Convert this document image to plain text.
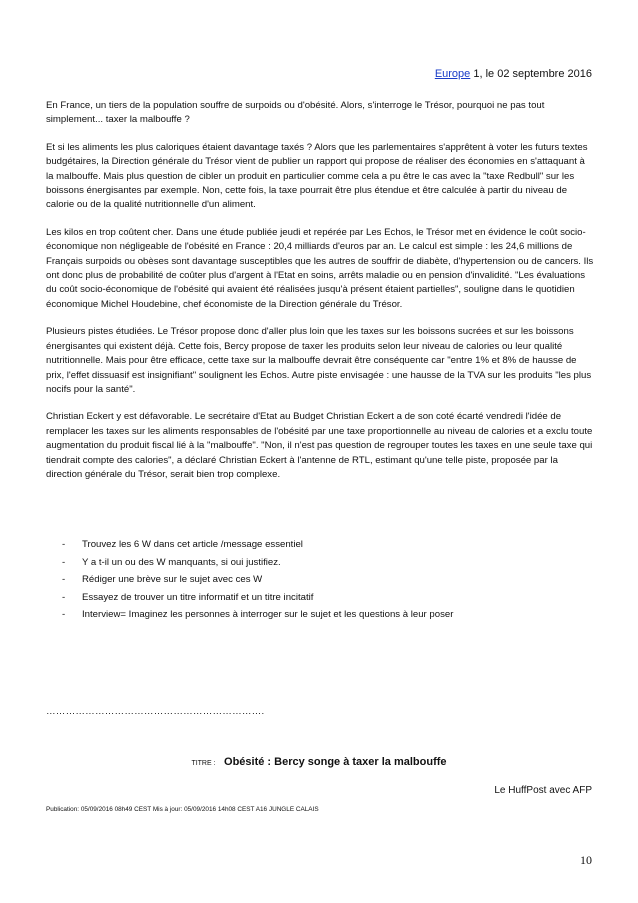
Europe 1, le 02 septembre 2016

En France, un tiers de la population souffre de surpoids ou d'obésité. Alors, s'interroge le Trésor, pourquoi ne pas tout simplement... taxer la malbouffe ?

Et si les aliments les plus caloriques étaient davantage taxés ? Alors que les parlementaires s'apprêtent à voter les futurs textes budgétaires, la Direction générale du Trésor vient de publier un rapport qui propose de réaliser des économies en s'attaquant à la malbouffe. Mais plus question de cibler un produit en particulier comme cela a pu être le cas avec la "taxe Redbull" sur les boissons énergisantes par exemple. Non, cette fois, la taxe pourrait être plus étendue et être calculée à partir du niveau de calorie ou de la qualité nutritionnelle d'un aliment.

Les kilos en trop coûtent cher. Dans une étude publiée jeudi et repérée par Les Echos, le Trésor met en évidence le coût socio-économique non négligeable de l'obésité en France : 20,4 milliards d'euros par an. Le calcul est simple : les 24,6 millions de Français surpoids ou obèses sont davantage susceptibles que les autres de souffrir de diabète, d'hypertension ou de cancers. Ils ont donc plus de probabilité de coûter plus d'argent à l'Etat en soins, arrêts maladie ou en pension d'invalidité. "Les évaluations du coût socio-économique de l'obésité qui avaient été réalisées jusqu'à présent étaient partielles", souligne dans le quotidien économique Michel Houdebine, chef économiste de la Direction générale du Trésor.

Plusieurs pistes étudiées. Le Trésor propose donc d'aller plus loin que les taxes sur les boissons sucrées et sur les boissons énergisantes qui existent déjà. Cette fois, Bercy propose de taxer les produits selon leur niveau de calories ou leur qualité nutritionnelle. Mais pour être efficace, cette taxe sur la malbouffe devrait être conséquente car "entre 1% et 8% de hausse de prix, l'effet dissuasif est insignifiant" soulignent les Echos. Autre piste envisagée : une hausse de la TVA sur les produits "les plus nocifs pour la santé".

Christian Eckert y est défavorable. Le secrétaire d'Etat au Budget Christian Eckert a de son coté écarté vendredi l'idée de remplacer les taxes sur les aliments responsables de l'obésité par une taxe proportionnelle au niveau de calories et a exclu toute augmentation du produit fiscal lié à la "malbouffe". "Non, il n'est pas question de regrouper toutes les taxes en une seule taxe qui tiendrait compte des calories", a déclaré Christian Eckert à l'antenne de RTL, estimant qu'une telle piste, proposée par la direction générale du Trésor, serait bien trop complexe.

- Trouvez les 6 W dans cet article /message essentiel
- Y a t-il un ou des W manquants, si oui justifiez.
- Rédiger une brève sur le sujet avec ces W
- Essayez de trouver un titre informatif et un titre incitatif
- Interview= Imaginez les personnes à interroger sur le sujet et les questions à leur poser
………………………………………………………….
TITRE : Obésité : Bercy songe à taxer la malbouffe
Le HuffPost avec AFP
Publication: 05/09/2016 08h49 CEST Mis à jour: 05/09/2016 14h08 CEST A16 JUNGLE CALAIS
10
